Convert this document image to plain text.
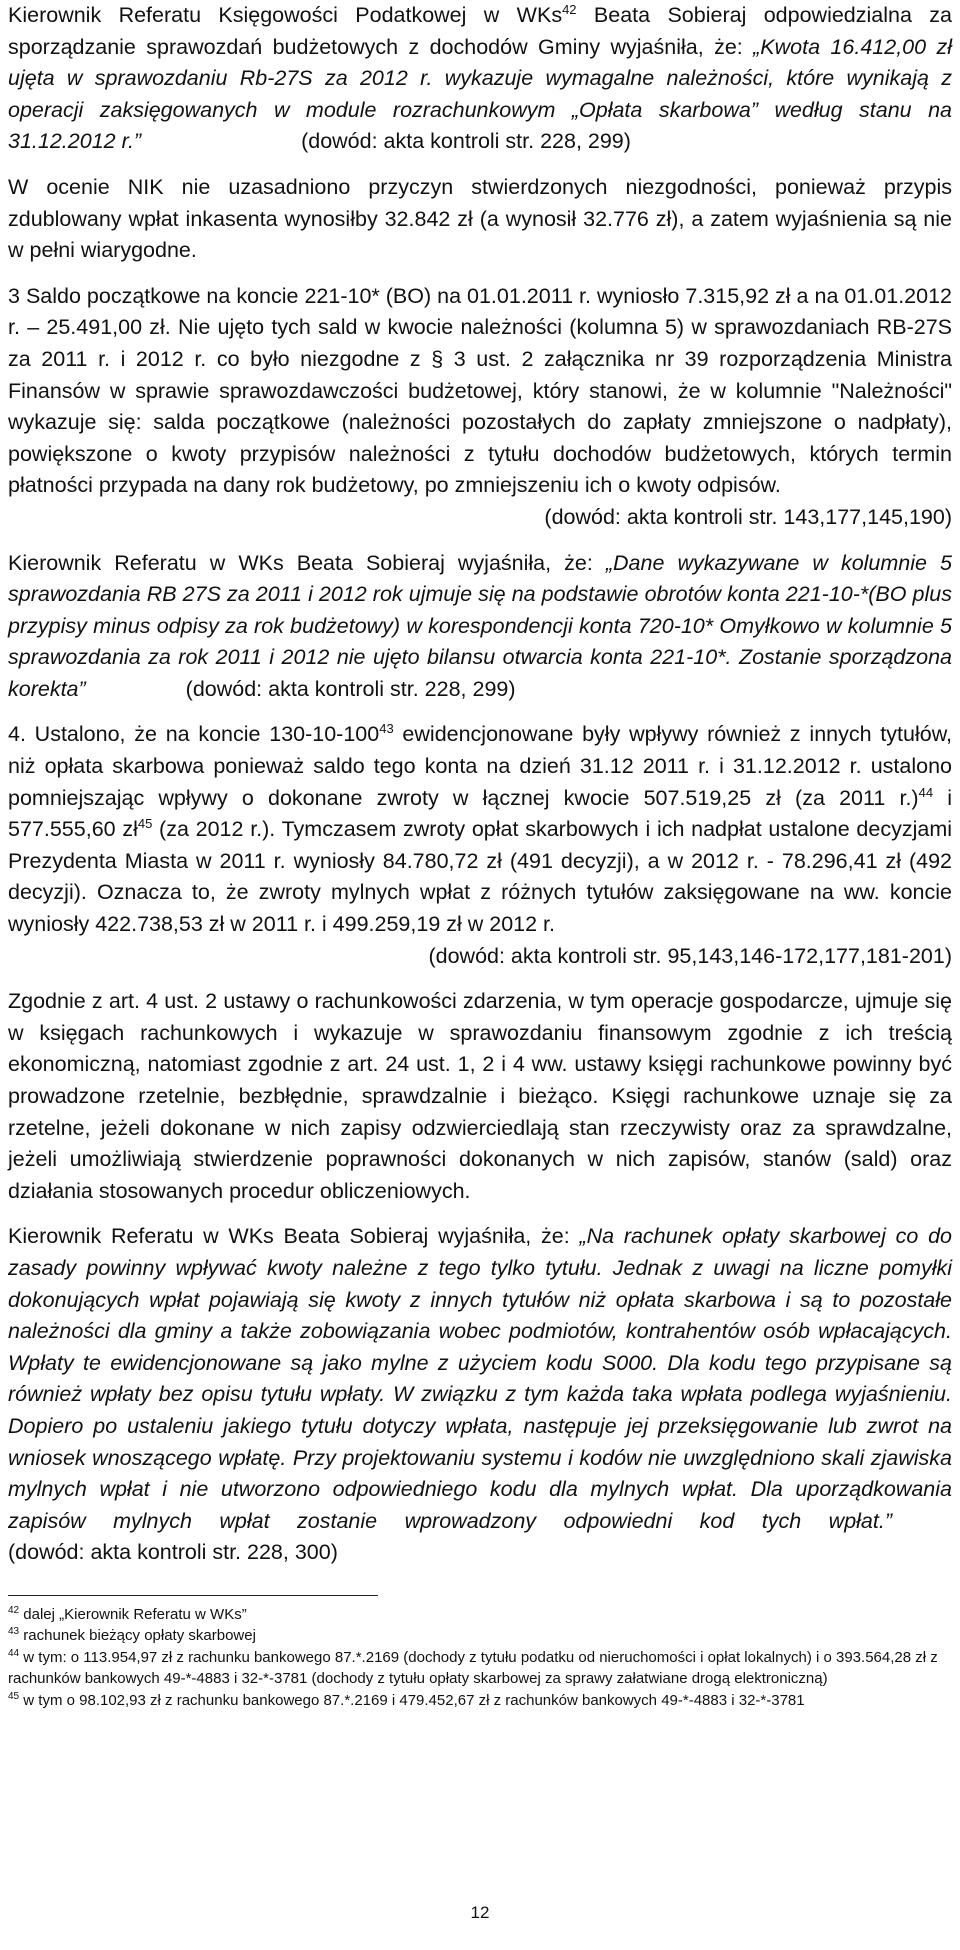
Kierownik Referatu Księgowości Podatkowej w WKs$^{42}$ Beata Sobieraj odpowiedzialna za sporządzanie sprawozdań budżetowych z dochodów Gminy wyjaśniła, że: „Kwota 16.412,00 zł ujęta w sprawozdaniu Rb-27S za 2012 r. wykazuje wymagalne należności, które wynikają z operacji zaksięgowanych w module rozrachunkowym „Opłata skarbowa” według stanu na 31.12.2012 r.”	(dowód: akta kontroli str. 228, 299)

W ocenie NIK nie uzasadniono przyczyn stwierdzonych niezgodności, ponieważ przypis zdublowany wpłat inkasenta wynosiłby 32.842 zł (a wynosił 32.776 zł), a zatem wyjaśnienia są nie w pełni wiarygodne.

3 Saldo początkowe na koncie 221-10* (BO) na 01.01.2011 r. wyniosło 7.315,92 zł a na 01.01.2012 r. – 25.491,00 zł. Nie ujęto tych sald w kwocie należności (kolumna 5) w sprawozdaniach RB-27S za 2011 r. i 2012 r. co było niezgodne z § 3 ust. 2 załącznika nr 39 rozporządzenia Ministra Finansów w sprawie sprawozdawczości budżetowej, który stanowi, że w kolumnie "Należności" wykazuje się: salda początkowe (należności pozostałych do zapłaty zmniejszone o nadpłaty), powiększone o kwoty przypisów należności z tytułu dochodów budżetowych, których termin płatności przypada na dany rok budżetowy, po zmniejszeniu ich o kwoty odpisów.

(dowód: akta kontroli str. 143,177,145,190)

Kierownik Referatu w WKs Beata Sobieraj wyjaśniła, że: „Dane wykazywane w kolumnie 5 sprawozdania RB 27S za 2011 i 2012 rok ujmuje się na podstawie obrotów konta 221-10-*(BO plus przypisy minus odpisy za rok budżetowy) w korespondencji konta 720-10* Omyłkowo w kolumnie 5 sprawozdania za rok 2011 i 2012 nie ujęto bilansu otwarcia konta 221-10*. Zostanie sporządzona korekta”	(dowód: akta kontroli str. 228, 299)

4. Ustalono, że na koncie $130-10-100^{43}$ ewidencjonowane były wpływy również z innych tytułów, niż opłata skarbowa ponieważ saldo tego konta na dzień 31.12 2011 r. i 31.12.2012 r. ustalono pomniejszając wpływy o dokonane zwroty w łącznej kwocie 507.519,25 zł (za 2011 r.)$^{44}$ i 577.555,60 $zł^{45}$ (za 2012 r.). Tymczasem zwroty opłat skarbowych i ich nadpłat ustalone decyzjami Prezydenta Miasta w 2011 r. wyniosły 84.780,72 zł (491 decyzji), a w 2012 r. - 78.296,41 zł (492 decyzji). Oznacza to, że zwroty mylnych wpłat z różnych tytułów zaksięgowane na ww. koncie wyniosły 422.738,53 zł w 2011 r. i 499.259,19 zł w 2012 r.

(dowód: akta kontroli str. 95,143,146-172,177,181-201)

Zgodnie z art. 4 ust. 2 ustawy o rachunkowości zdarzenia, w tym operacje gospodarcze, ujmuje się w księgach rachunkowych i wykazuje w sprawozdaniu finansowym zgodnie z ich treścią ekonomiczną, natomiast zgodnie z art. 24 ust. 1, 2 i 4 ww. ustawy księgi rachunkowe powinny być prowadzone rzetelnie, bezbłędnie, sprawdzalnie i bieżąco. Księgi rachunkowe uznaje się za rzetelne, jeżeli dokonane w nich zapisy odzwierciedlają stan rzeczywisty oraz za sprawdzalne, jeżeli umożliwiają stwierdzenie poprawności dokonanych w nich zapisów, stanów (sald) oraz działania stosowanych procedur obliczeniowych.

Kierownik Referatu w WKs Beata Sobieraj wyjaśniła, że: „Na rachunek opłaty skarbowej co do zasady powinny wpływać kwoty należne z tego tylko tytułu. Jednak z uwagi na liczne pomyłki dokonujących wpłat pojawiają się kwoty z innych tytułów niż opłata skarbowa i są to pozostałe należności dla gminy a także zobowiązania wobec podmiotów, kontrahentów osób wpłacających. Wpłaty te ewidencjonowane są jako mylne z użyciem kodu S000. Dla kodu tego przypisane są również wpłaty bez opisu tytułu wpłaty. W związku z tym każda taka wpłata podlega wyjaśnieniu. Dopiero po ustaleniu jakiego tytułu dotyczy wpłata, następuje jej przeksięgowanie lub zwrot na wniosek wnoszącego wpłatę. Przy projektowaniu systemu i kodów nie uwzględniono skali zjawiska mylnych wpłat i nie utworzono odpowiedniego kodu dla mylnych wpłat. Dla uporządkowania zapisów mylnych wpłat zostanie wprowadzony odpowiedni kod tych wpłat.”(dowód: akta kontroli str. 228, 300)

$^{42}$ dalej „Kierownik Referatu w WKs”

$^{43}$ rachunek bieżący opłaty skarbowej

$^{44}$ w tym: o 113.954,97 zł z rachunku bankowego 87.*.2169 (dochody z tytułu podatku od nieruchomości i opłat lokalnych) i o 393.564,28 zł z rachunków bankowych 49-*-4883 i 32-*-3781 (dochody z tytułu opłaty skarbowej za sprawy załatwiane drogą elektroniczną)

$^{45}$ w tym o 98.102,93 zł z rachunku bankowego 87.*.2169 i 479.452,67 zł z rachunków bankowych 49-*-4883 i 32-*-3781

12
